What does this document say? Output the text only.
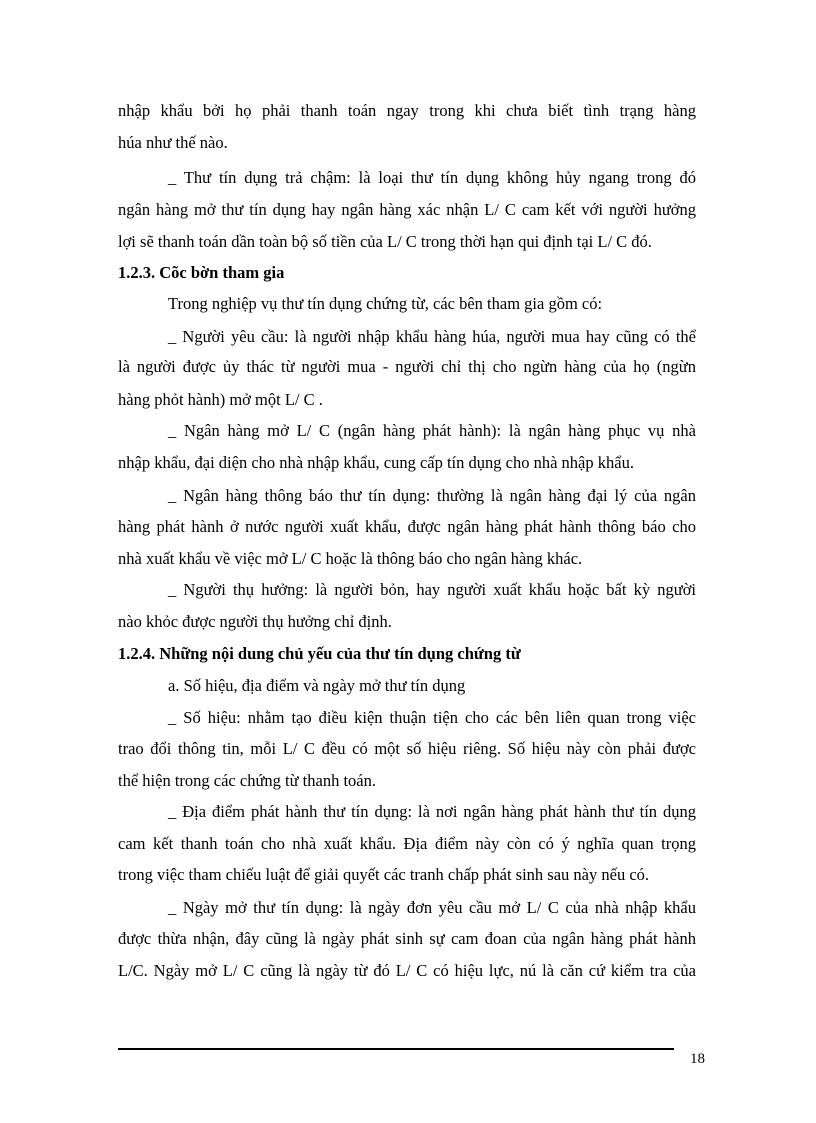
nhập khẩu bởi họ phải thanh toán ngay trong khi chưa biết tình trạng hàng
húa như thế nào.
_ Thư tín dụng trả chậm: là loại thư tín dụng không hủy ngang trong đó
ngân hàng mở thư tín dụng hay ngân hàng xác nhận L/ C cam kết với người hưởng
lợi sẽ thanh toán dần toàn bộ số tiền của L/ C trong thời hạn qui định tại L/ C đó.
1.2.3. Cõc bờn tham gia
Trong nghiệp vụ thư tín dụng chứng từ, các bên tham gia gồm có:
_ Người yêu cầu: là người nhập khẩu hàng húa, người mua hay cũng có thể
là người được ủy thác từ người mua - người chỉ thị cho ngừn hàng của họ (ngừn
hàng phỏt hành) mở một L/ C .
_ Ngân hàng mở L/ C (ngân hàng phát hành): là ngân hàng phục vụ nhà
nhập khẩu, đại diện cho nhà nhập khẩu, cung cấp tín dụng cho nhà nhập khẩu.
_ Ngân hàng thông báo thư tín dụng: thường là ngân hàng đại lý của ngân
hàng phát hành ở nước người xuất khẩu, được ngân hàng phát hành thông báo cho
nhà xuất khẩu về việc mở L/ C hoặc là thông báo cho ngân hàng khác.
_ Người thụ hưởng: là người bỏn, hay người xuất khẩu hoặc bất kỳ người
nào khỏc được người thụ hưởng chỉ định.
1.2.4. Những nội dung chủ yếu của thư tín dụng chứng từ
a. Số hiệu, địa điểm và ngày mở thư tín dụng
_ Số hiệu: nhằm tạo điều kiện thuận tiện cho các bên liên quan trong việc
trao đổi thông tin, mỗi L/ C đều có một số hiệu riêng. Số hiệu này còn phải được
thể hiện trong các chứng từ thanh toán.
_ Địa điểm phát hành thư tín dụng: là nơi ngân hàng phát hành thư tín dụng
cam kết thanh toán cho nhà xuất khẩu. Địa điểm này còn có ý nghĩa quan trọng
trong việc tham chiếu luật để giải quyết các tranh chấp phát sinh sau này nếu có.
_ Ngày mở thư tín dụng: là ngày đơn yêu cầu mở L/ C của nhà nhập khẩu
được thừa nhận, đây cũng là ngày phát sinh sự cam đoan của ngân hàng phát hành
L/C. Ngày mở L/ C cũng là ngày từ đó L/ C có hiệu lực, nú là căn cứ kiểm tra của
18
